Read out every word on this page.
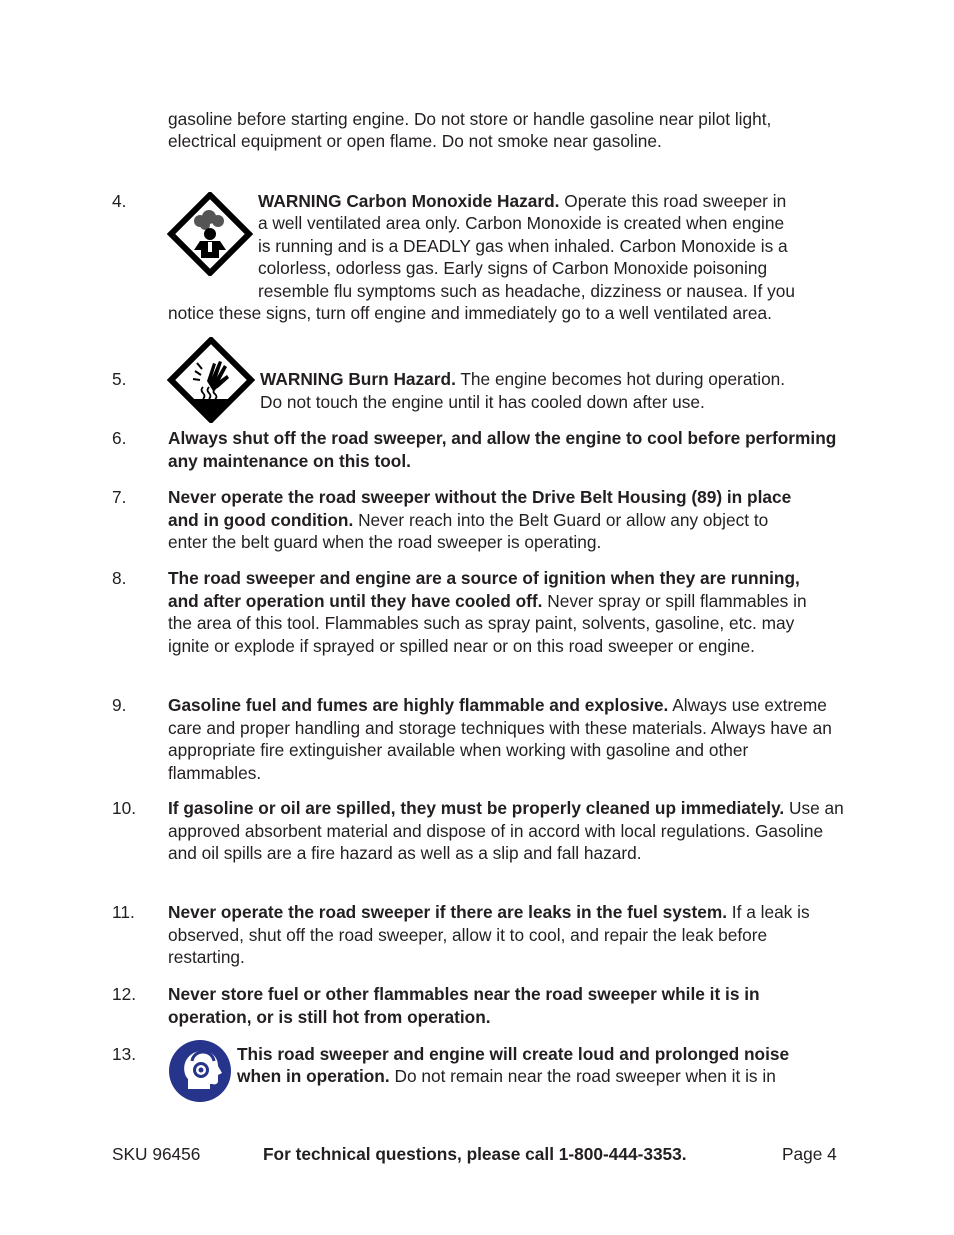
gasoline before starting engine. Do not store or handle gasoline near pilot light,
electrical equipment or open flame. Do not smoke near gasoline.
4.	WARNING Carbon Monoxide Hazard. Operate this road sweeper in
a well ventilated area only. Carbon Monoxide is created when engine
is running and is a DEADLY gas when inhaled. Carbon Monoxide is a
colorless, odorless gas. Early signs of Carbon Monoxide poisoning
resemble flu symptoms such as headache, dizziness or nausea. If you
notice these signs, turn off engine and immediately go to a well ventilated area.
5.	WARNING Burn Hazard. The engine becomes hot during operation.
Do not touch the engine until it has cooled down after use.
6. Always shut off the road sweeper, and allow the engine to cool before performing any maintenance on this tool.
7. Never operate the road sweeper without the Drive Belt Housing (89) in place and in good condition. Never reach into the Belt Guard or allow any object to enter the belt guard when the road sweeper is operating.
8. The road sweeper and engine are a source of ignition when they are running, and after operation until they have cooled off. Never spray or spill flammables in the area of this tool. Flammables such as spray paint, solvents, gasoline, etc. may ignite or explode if sprayed or spilled near or on this road sweeper or engine.
9. Gasoline fuel and fumes are highly flammable and explosive. Always use extreme care and proper handling and storage techniques with these materials. Always have an appropriate fire extinguisher available when working with gasoline and other flammables.
10. If gasoline or oil are spilled, they must be properly cleaned up immediately. Use an approved absorbent material and dispose of in accord with local regulations. Gasoline and oil spills are a fire hazard as well as a slip and fall hazard.
11. Never operate the road sweeper if there are leaks in the fuel system. If a leak is observed, shut off the road sweeper, allow it to cool, and repair the leak before restarting.
12. Never store fuel or other flammables near the road sweeper while it is in operation, or is still hot from operation.
13.	This road sweeper and engine will create loud and prolonged noise
when in operation. Do not remain near the road sweeper when it is in
SKU 96456	For technical questions, please call 1-800-444-3353.	Page 4
